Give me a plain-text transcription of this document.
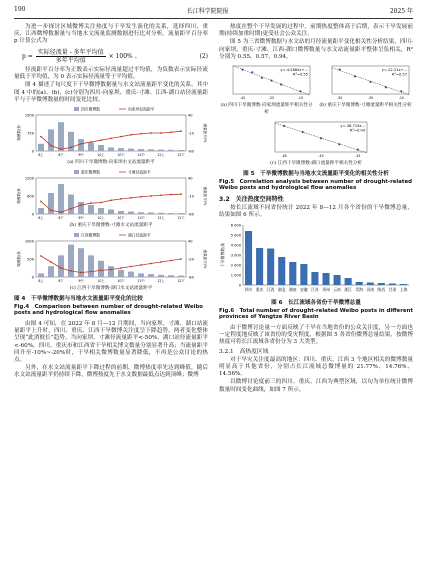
190	长江科学院院报	2025 年

为进一步探讨区域微博关注热度与干旱发生演化的关系，选择四川、重庆、江西微博数据量与当地水文流量监测数据进行比对分析。流量距平百分率 p 计算公式为

$p = \frac{\text{实际径流量 - 多年平均值}}{\text{多年平均值}} \times 100\%$ 。	(2)

径流距平百分率为正数表示实际径流量超过平均值，为负数表示实际径流量低于平均值，为 0 表示实际径流量等于平均值。

图 4 描述了旬尺度下干旱微博数据量与水文站流量距平变化的关系。其中图 4 中的(a)、(b)、(c)分别为四川-向家坝、重庆-寸滩、江西-湖口站径流量距平与干旱微博数量的时间变化比较。

0	-60
750	-10
1500	40
微博数/条	流量距平/%
8上	8下	9中	10上	10下	11中	12上	12下
四川微博数	向家坝径流距平
(a) 四川干旱微博数-向家坝水文站流量距平
0	-60
600	-10
1200	40
微博数/条	流量距平/%
8上	8下	9中	10上	10下	11中	12上	12下
重庆微博数	寸滩径流距平
(b) 重庆干旱微博数-寸滩水文站流量距平
0	-80
500	-20
1000	40
微博数/条	流量距平/%
8上	8下	9中	10上	10下	11中	12上	12下
江西微博数	湖口径流距平
(c) 江西干旱微博数-湖口水文站流量距平
图 4　干旱微博数据与当地水文流量距平变化的比较
Fig.4　Comparison between number of drought-related Weibo posts and hydrological flow anomalies

由图 4 可知，在 2022 年 8 月—12 月期间，当向家坝、寸滩、湖口站流量距平上升时，四川、重庆、江西干旱微博关注度呈下降趋势，两者变化整体呈现“此消彼长”趋势。当向家坝、寸滩径流量距平<-50%，湖口站径流量距平<-60%，四川、重庆市和江西省干旱相关博文数量分别显著升高；当流量距平回升至-10%~-20%时，干旱相关微博数量显著降低，不再是公众讨论的热点。

另外，在水文站流量距平下降过程的前期，微博热度率先达到峰值，随后水文站流量距平仍持续下降，微博热度先于水文数据最低点达到顶峰；微博

热度在整个干旱发展的过程中，前期热度整体高于后期，表示干旱发展前期(持续加重时期)更受社会公众关注。

图 5 为三省微博数据与水文站的月径流量距平变化相关性分析结果，四川-向家坝、重庆-寸滩、江西-湖口微博数量与水文站流量距平整体呈负相关，R² 分别为 0.55、0.57、0.94。

y=-4.5664x+...
R²=0.55
-40	-25	-10
(a) 四川干旱微博数-向家坝流量距平相关性分析
y=-22.21x+...
R²=0.57
-50	-30	-10
(b) 重庆干旱微博数-寸滩流量距平相关性分析
y=-38.713x...
R²=0.94
-65	-45	-25
(c) 江西干旱微博数-湖口流量距平相关性分析
图 5　干旱微博数据与当地水文流量距平变化的相关性分析
Fig.5　Correlation analysis between number of drought-related Weibo posts and hydrological flow anomalies
3.2　关注热度空间特性

按长江流域不同省份统计 2022 年 8—12 月各个省份的干旱微博总量，结果如图 6 所示。

0
1 000
2 000
3 000
4 000
5 000
6 000
干旱微博数/条
四川 重庆 江西 湖北 湖南 安徽 江苏 贵州 云南 浙江 青海 河南 陕西 甘肃 上海
图 6　长江流域各省份干旱微博总量
Fig.6　Total number of drought-related Weibo posts in different provinces of Yangtze River Basin

由于微博讨论量一方面反映了干旱在当地省份的公众关注度，另一方面也一定程度地反映了该省份的受灾程度，根据图 5 各省份微博总量结果，按微博热度可将长江流域各省份分为 3 大类型。

3.2.1　高热度区域

对于旱灾关注度最高的地区：四川、重庆、江西 3 个地区相关的微博数量明显高于其他省份，分别占长江流域总微博量的 21.77%、14.76%、14.56%。

以微博讨论度前三的四川、重庆、江西为典型区域，以旬为单位统计微博数量时间变化曲线，如图 7 所示。
